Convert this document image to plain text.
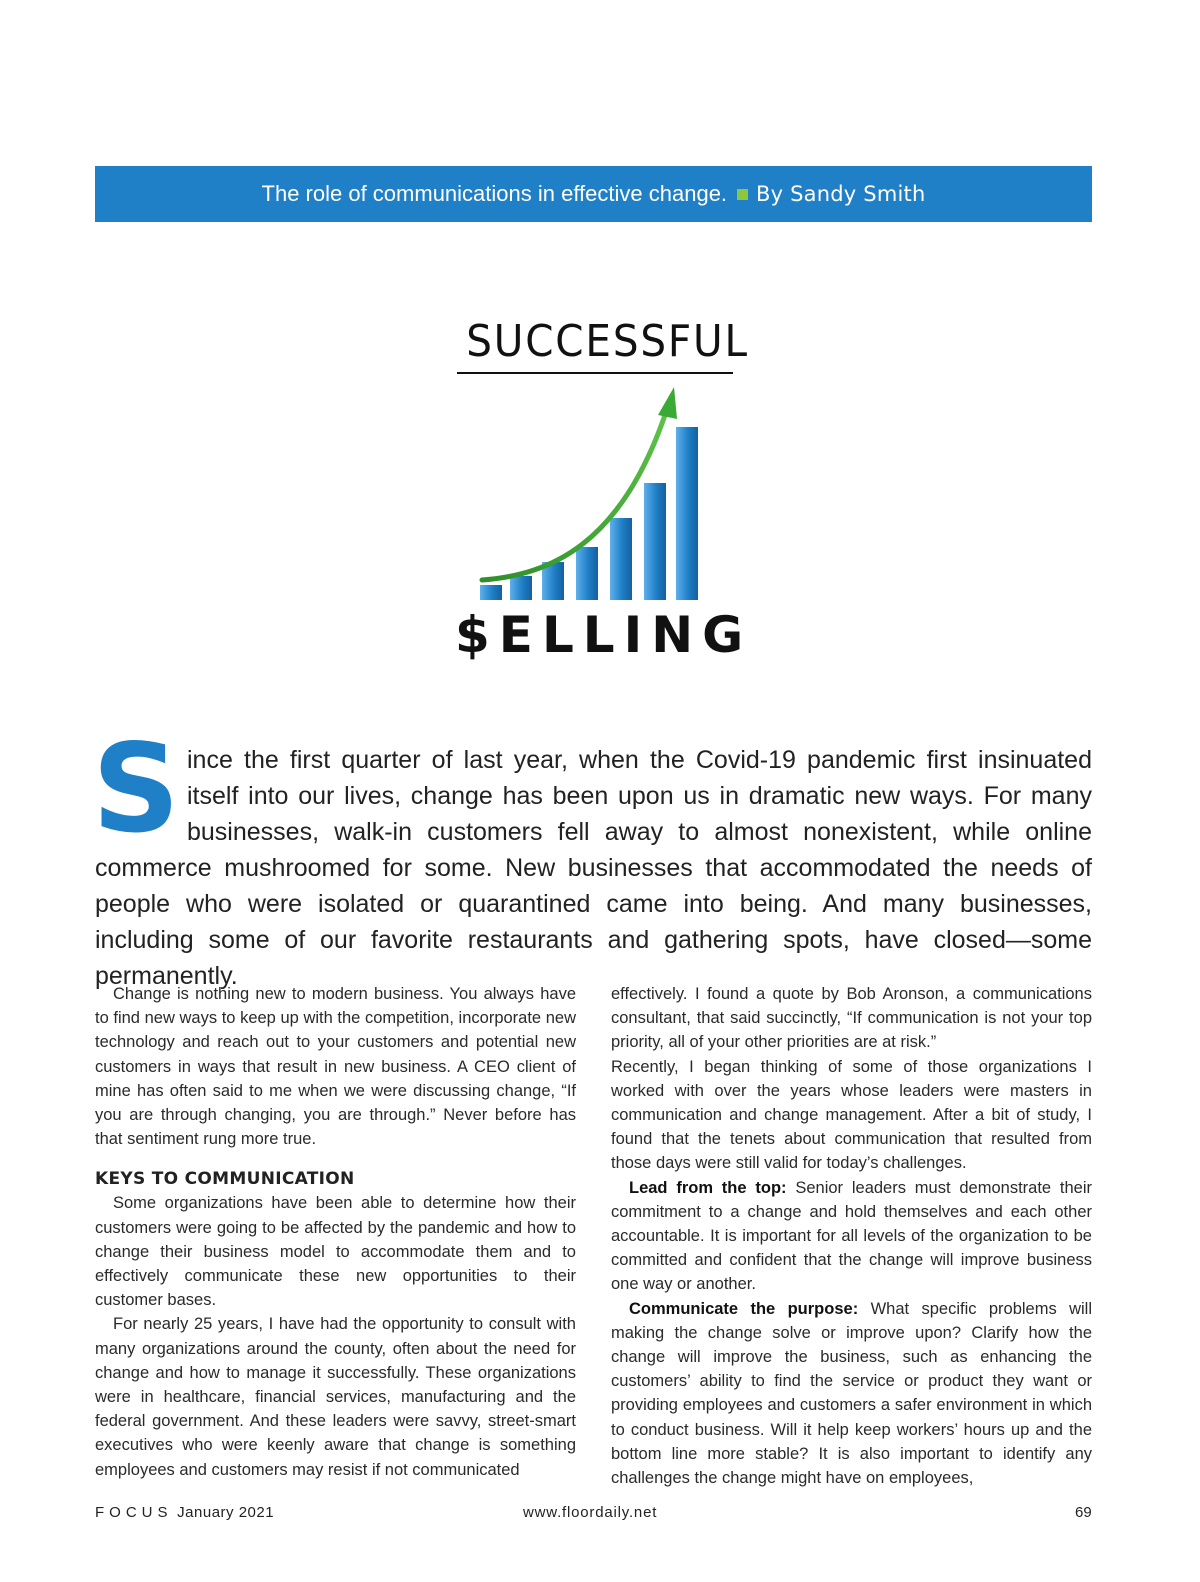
The role of communications in effective change. By Sandy Smith
SUCCESSFUL
$ELLING
S ince the first quarter of last year, when the Covid-19 pandemic first insinuated itself into our lives, change has been upon us in dramatic new ways. For many businesses, walk-in customers fell away to almost nonexistent, while online commerce mushroomed for some. New businesses that accommodated the needs of people who were isolated or quarantined came into being. And many businesses, including some of our favorite restaurants and gathering spots, have closed—some permanently.

Change is nothing new to modern business. You always have to find new ways to keep up with the competition, incorporate new technology and reach out to your customers and potential new customers in ways that result in new business. A CEO client of mine has often said to me when we were discussing change, “If you are through changing, you are through.” Never before has that sentiment rung more true.

KEYS TO COMMUNICATION

Some organizations have been able to determine how their customers were going to be affected by the pandemic and how to change their business model to accommodate them and to effectively communicate these new opportunities to their customer bases.

For nearly 25 years, I have had the opportunity to consult with many organizations around the county, often about the need for change and how to manage it successfully. These organizations were in healthcare, financial services, manufacturing and the federal government. And these leaders were savvy, street-smart executives who were keenly aware that change is something employees and customers may resist if not communicated

effectively. I found a quote by Bob Aronson, a communications consultant, that said succinctly, “If communication is not your top priority, all of your other priorities are at risk.”

Recently, I began thinking of some of those organizations I worked with over the years whose leaders were masters in communication and change management. After a bit of study, I found that the tenets about communication that resulted from those days were still valid for today’s challenges.

Lead from the top: Senior leaders must demonstrate their commitment to a change and hold themselves and each other accountable. It is important for all levels of the organization to be committed and confident that the change will improve business one way or another.

Communicate the purpose: What specific problems will making the change solve or improve upon? Clarify how the change will improve the business, such as enhancing the customers’ ability to find the service or product they want or providing employees and customers a safer environment in which to conduct business. Will it help keep workers’ hours up and the bottom line more stable? It is also important to identify any challenges the change might have on employees,

FOCUS January 2021	www.floordaily.net	69
